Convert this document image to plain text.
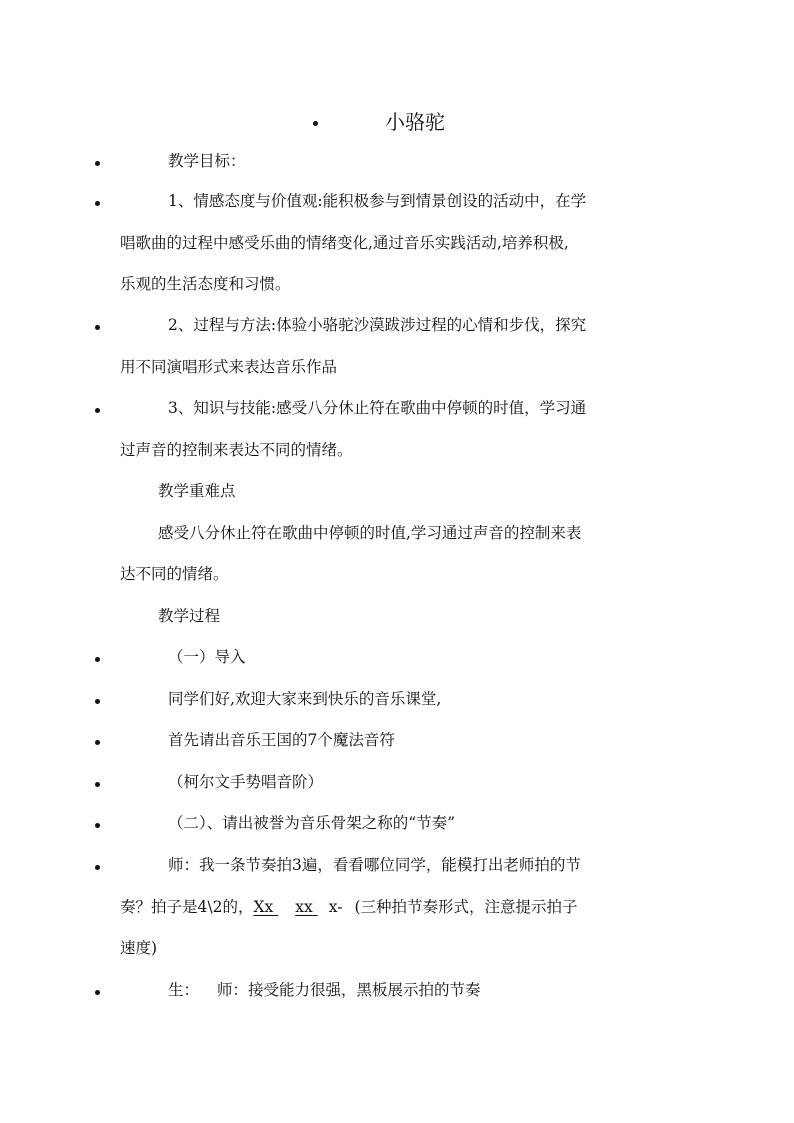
小骆驼
教学目标：
1、情感态度与价值观:能积极参与到情景创设的活动中，在学
唱歌曲的过程中感受乐曲的情绪变化,通过音乐实践活动,培养积极,
乐观的生活态度和习惯。
2、过程与方法:体验小骆驼沙漠跋涉过程的心情和步伐，探究
用不同演唱形式来表达音乐作品
3、知识与技能:感受八分休止符在歌曲中停顿的时值，学习通
过声音的控制来表达不同的情绪。
教学重难点
感受八分休止符在歌曲中停顿的时值,学习通过声音的控制来表
达不同的情绪。
教学过程
（一）导入
同学们好,欢迎大家来到快乐的音乐课堂,
首先请出音乐王国的7个魔法音符
（柯尔文手势唱音阶）
（二）、请出被誉为音乐骨架之称的“节奏”
师：我一条节奏拍3遍，看看哪位同学，能模打出老师拍的节
奏？拍子是4\2的，Xx xx x- (三种拍节奏形式，注意提示拍子
速度)
生： 师：接受能力很强，黑板展示拍的节奏
